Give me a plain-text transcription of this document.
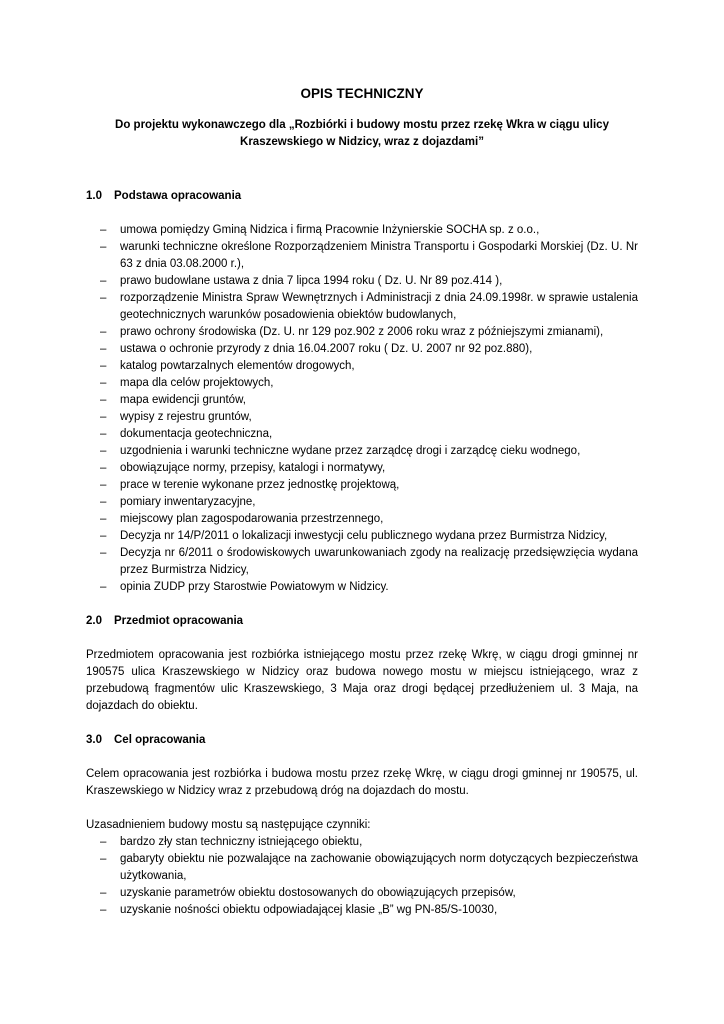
OPIS TECHNICZNY

Do projektu wykonawczego dla „Rozbiórki i budowy mostu przez rzekę Wkra w ciągu ulicy

Kraszewskiego w Nidzicy, wraz z dojazdami”

1.0 Podstawa opracowania

– umowa pomiędzy Gminą Nidzica i firmą Pracownie Inżynierskie SOCHA sp. z o.o.,
– warunki techniczne określone Rozporządzeniem Ministra Transportu i Gospodarki Morskiej (Dz. U. Nr 63 z dnia 03.08.2000 r.),
– prawo budowlane ustawa z dnia 7 lipca 1994 roku ( Dz. U. Nr 89 poz.414 ),
– rozporządzenie Ministra Spraw Wewnętrznych i Administracji z dnia 24.09.1998r. w sprawie ustalenia geotechnicznych warunków posadowienia obiektów budowlanych,
– prawo ochrony środowiska (Dz. U. nr 129 poz.902 z 2006 roku wraz z późniejszymi zmianami),
– ustawa o ochronie przyrody z dnia 16.04.2007 roku ( Dz. U. 2007 nr 92 poz.880),
– katalog powtarzalnych elementów drogowych,
– mapa dla celów projektowych,
– mapa ewidencji gruntów,
– wypisy z rejestru gruntów,
– dokumentacja geotechniczna,
– uzgodnienia i warunki techniczne wydane przez zarządcę drogi i zarządcę cieku wodnego,
– obowiązujące normy, przepisy, katalogi i normatywy,
– prace w terenie wykonane przez jednostkę projektową,
– pomiary inwentaryzacyjne,
– miejscowy plan zagospodarowania przestrzennego,
– Decyzja nr 14/P/2011 o lokalizacji inwestycji celu publicznego wydana przez Burmistrza Nidzicy,
– Decyzja nr 6/2011 o środowiskowych uwarunkowaniach zgody na realizację przedsięwzięcia wydana przez Burmistrza Nidzicy,
– opinia ZUDP przy Starostwie Powiatowym w Nidzicy.

2.0 Przedmiot opracowania

Przedmiotem opracowania jest rozbiórka istniejącego mostu przez rzekę Wkrę, w ciągu drogi gminnej nr 190575 ulica Kraszewskiego w Nidzicy oraz budowa nowego mostu w miejscu istniejącego, wraz z przebudową fragmentów ulic Kraszewskiego, 3 Maja oraz drogi będącej przedłużeniem ul. 3 Maja, na dojazdach do obiektu.

3.0 Cel opracowania

Celem opracowania jest rozbiórka i budowa mostu przez rzekę Wkrę, w ciągu drogi gminnej nr 190575, ul. Kraszewskiego w Nidzicy wraz z przebudową dróg na dojazdach do mostu.

Uzasadnieniem budowy mostu są następujące czynniki:

– bardzo zły stan techniczny istniejącego obiektu,
– gabaryty obiektu nie pozwalające na zachowanie obowiązujących norm dotyczących bezpieczeństwa użytkowania,
– uzyskanie parametrów obiektu dostosowanych do obowiązujących przepisów,
– uzyskanie nośności obiektu odpowiadającej klasie „B” wg PN-85/S-10030,
